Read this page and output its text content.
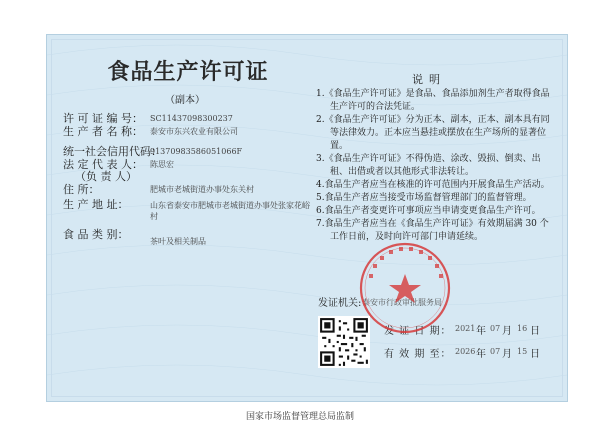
食品生产许可证
（副本）
许 可 证 编 号： SC11437098300237
生 产 者 名 称： 泰安市东兴农业有限公司
统一社会信用代码：
91370983586051066F
法 定 代 表 人： 陈思宏
（负 责 人）
住 所：	肥城市老城街道办事处东关村
生 产 地 址：	山东省泰安市肥城市老城街道办事处张家花峪村
食 品 类 别：
茶叶及相关制品
说明
1.《食品生产许可证》是食品、食品添加剂生产者取得食品生产许可的合法凭证。
2.《食品生产许可证》分为正本、副本，正本、副本具有同等法律效力。正本应当悬挂或摆放在生产场所的显著位置。
3.《食品生产许可证》不得伪造、涂改、毁损、倒卖、出租、出借或者以其他形式非法转让。
4.食品生产者应当在核准的许可范围内开展食品生产活动。
5.食品生产者应当接受市场监督管理部门的监督管理。
6.食品生产者变更许可事项应当申请变更食品生产许可。
7.食品生产者应当在《食品生产许可证》有效期届满 30 个工作日前，及时向许可部门申请延续。
发证机关: 泰安市行政审批服务局
发 证 日 期： 2021 年 07 月 16 日
有 效 期 至： 2026 年 07 月 15 日
国家市场监督管理总局监制
